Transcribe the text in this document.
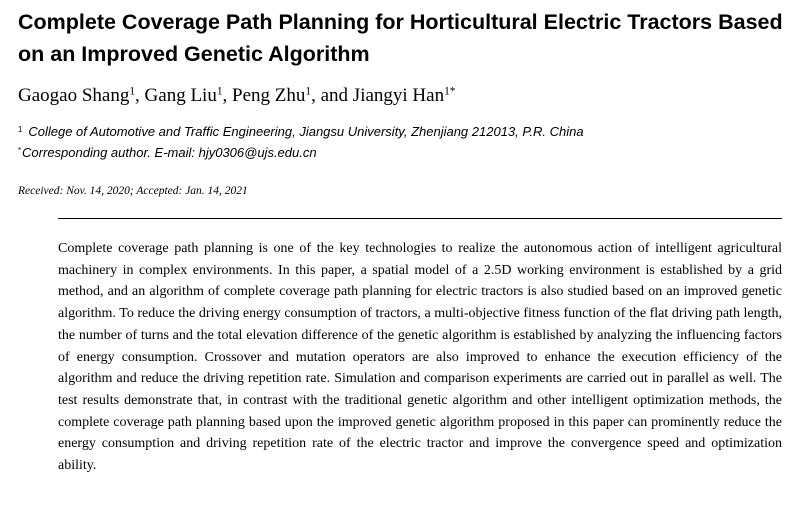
Complete Coverage Path Planning for Horticultural Electric Tractors Based on an Improved Genetic Algorithm
Gaogao Shang$^1$, Gang Liu$^1$, Peng Zhu$^1$, and Jiangyi Han$^{1*}$
$^1$ College of Automotive and Traffic Engineering, Jiangsu University, Zhenjiang 212013, P.R. China
*Corresponding author. E-mail: hjy0306@ujs.edu.cn
Received: Nov. 14, 2020; Accepted: Jan. 14, 2021

Complete coverage path planning is one of the key technologies to realize the autonomous action of intelligent agricultural machinery in complex environments. In this paper, a spatial model of a 2.5D working environment is established by a grid method, and an algorithm of complete coverage path planning for electric tractors is also studied based on an improved genetic algorithm. To reduce the driving energy consumption of tractors, a multi-objective fitness function of the flat driving path length, the number of turns and the total elevation difference of the genetic algorithm is established by analyzing the influencing factors of energy consumption. Crossover and mutation operators are also improved to enhance the execution efficiency of the algorithm and reduce the driving repetition rate. Simulation and comparison experiments are carried out in parallel as well. The test results demonstrate that, in contrast with the traditional genetic algorithm and other intelligent optimization methods, the complete coverage path planning based upon the improved genetic algorithm proposed in this paper can prominently reduce the energy consumption and driving repetition rate of the electric tractor and improve the convergence speed and optimization ability.
